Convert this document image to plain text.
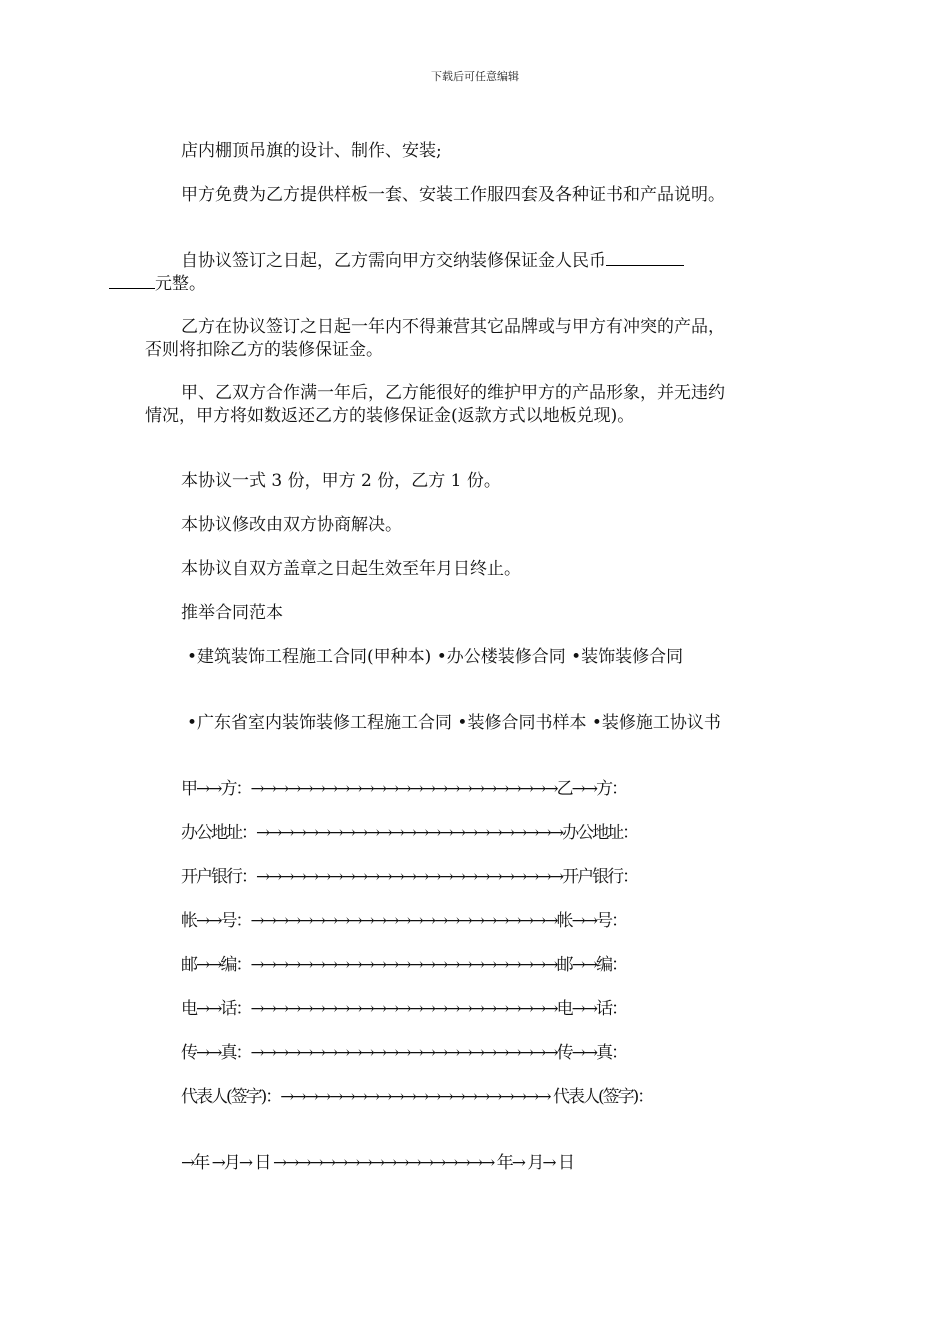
下载后可任意编辑
店内棚顶吊旗的设计、制作、安装;
甲方免费为乙方提供样板一套、安装工作服四套及各种证书和产品说明。
自协议签订之日起，乙方需向甲方交纳装修保证金人民币
元整。
乙方在协议签订之日起一年内不得兼营其它品牌或与甲方有冲突的产品，否则将扣除乙方的装修保证金。
甲、乙双方合作满一年后，乙方能很好的维护甲方的产品形象，并无违约情况，甲方将如数返还乙方的装修保证金(返款方式以地板兑现)。
本协议一式 3 份，甲方 2 份，乙方 1 份。
本协议修改由双方协商解决。
本协议自双方盖章之日起生效至年月日终止。
推举合同范本
•建筑装饰工程施工合同(甲种本) •办公楼装修合同 •装饰装修合同
•广东省室内装饰装修工程施工合同 •装修合同书样本 •装修施工协议书
甲→→方：→→→→→→→→→→→→→→→→→→→→→→→→→乙→→方：
办公地址：→→→→→→→→→→→→→→→→→→→→→→→→→办公地址：
开户银行：→→→→→→→→→→→→→→→→→→→→→→→→→开户银行：
帐→→号：→→→→→→→→→→→→→→→→→→→→→→→→→帐→→号：
邮→→编：→→→→→→→→→→→→→→→→→→→→→→→→→邮→→编：
电→→话：→→→→→→→→→→→→→→→→→→→→→→→→→电→→话：
传→→真：→→→→→→→→→→→→→→→→→→→→→→→→→传→→真：
代表人(签字)：→→→→→→→→→→→→→→→→→→→→→→ 代表人(签字)：
→年 →月→ 日 →→→→→→→→→→→→→→→→→→ 年→ 月→ 日
